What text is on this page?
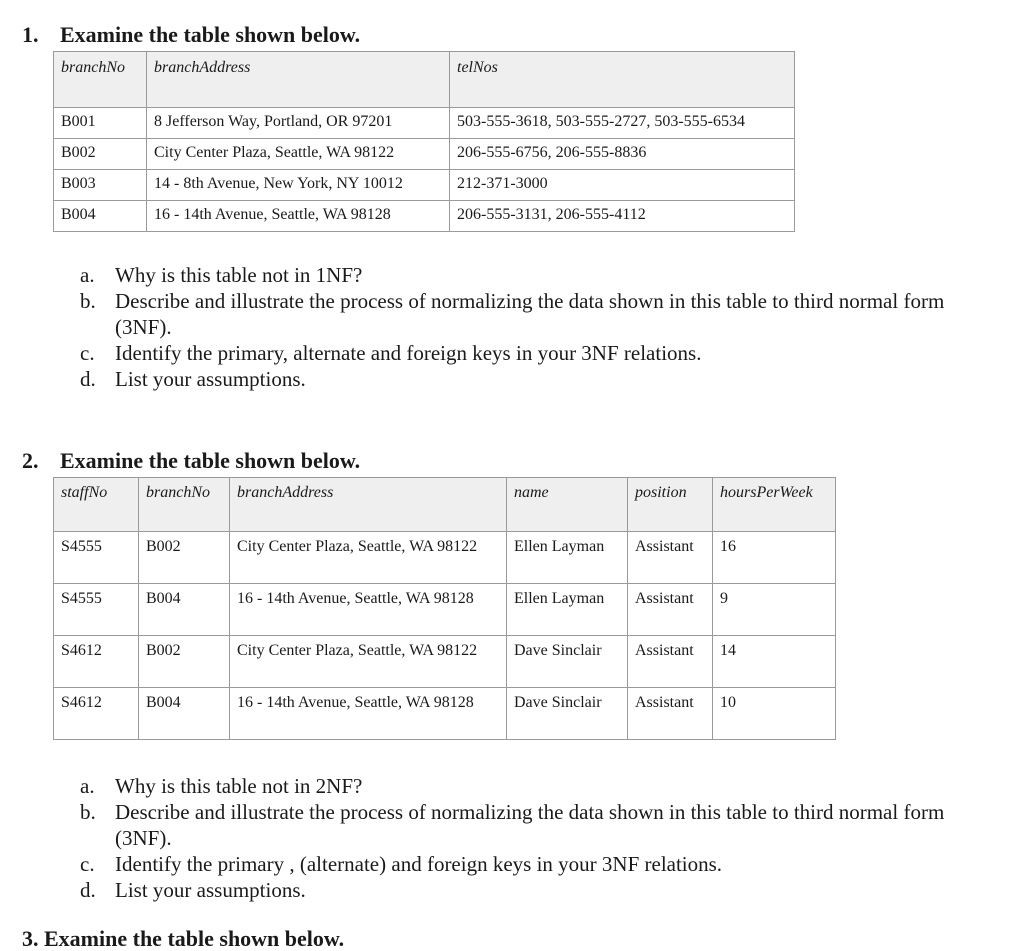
1. Examine the table shown below.
branchNo	branchAddress	telNos
B001	8 Jefferson Way, Portland, OR 97201	503-555-3618, 503-555-2727, 503-555-6534
B002	City Center Plaza, Seattle, WA 98122	206-555-6756, 206-555-8836
B003	14 - 8th Avenue, New York, NY 10012	212-371-3000
B004	16 - 14th Avenue, Seattle, WA 98128	206-555-3131, 206-555-4112
a. Why is this table not in 1NF?
b. Describe and illustrate the process of normalizing the data shown in this table to third normal form (3NF).
c. Identify the primary, alternate and foreign keys in your 3NF relations.
d. List your assumptions.
2. Examine the table shown below.
staffNo	branchNo	branchAddress	name	position	hoursPerWeek
S4555	B002	City Center Plaza, Seattle, WA 98122	Ellen Layman	Assistant	16
S4555	B004	16 - 14th Avenue, Seattle, WA 98128	Ellen Layman	Assistant	9
S4612	B002	City Center Plaza, Seattle, WA 98122	Dave Sinclair	Assistant	14
S4612	B004	16 - 14th Avenue, Seattle, WA 98128	Dave Sinclair	Assistant	10
a. Why is this table not in 2NF?
b. Describe and illustrate the process of normalizing the data shown in this table to third normal form (3NF).
c. Identify the primary , (alternate) and foreign keys in your 3NF relations.
d. List your assumptions.
3. Examine the table shown below.
